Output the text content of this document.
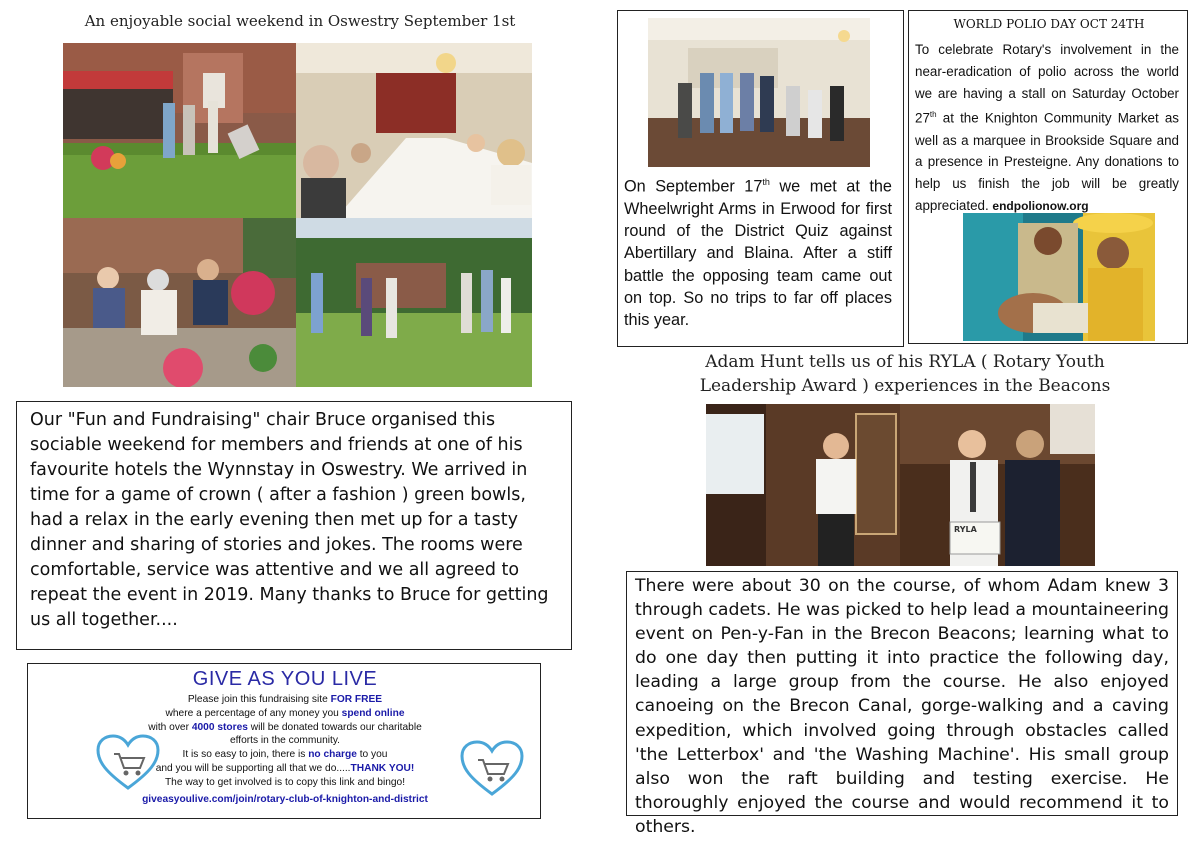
An enjoyable social weekend in Oswestry September 1st
Our "Fun and Fundraising" chair Bruce organised this sociable weekend for members and friends at one of his favourite hotels the Wynnstay in Oswestry. We arrived in time for a game of crown ( after a fashion ) green bowls, had a relax in the early evening then met up for a tasty dinner and sharing of stories and jokes. The rooms were comfortable, service was attentive and we all agreed to repeat the event in 2019. Many thanks to Bruce for getting us all together....
GIVE AS YOU LIVE
Please join this fundraising site FOR FREE
where a percentage of any money you spend online
with over 4000 stores will be donated towards our charitable
efforts in the community.
It is so easy to join, there is no charge to you
and you will be supporting all that we do.....THANK YOU!
The way to get involved is to copy this link and bingo!
giveasyoulive.com/join/rotary-club-of-knighton-and-district
On September 17th we met at the Wheelwright Arms in Erwood for first round of the District Quiz against Abertillary and Blaina. After a stiff battle the opposing team came out on top. So no trips to far off places this year.
WORLD POLIO DAY OCT 24TH
To celebrate Rotary's involvement in the near-eradication of polio across the world we are having a stall on Saturday October 27th at the Knighton Community Market as well as a marquee in Brookside Square and a presence in Presteigne. Any donations to help us finish the job will be greatly appreciated. endpolionow.org
Adam Hunt tells us of his RYLA ( Rotary Youth
Leadership Award ) experiences in the Beacons
RYLA
There were about 30 on the course, of whom Adam knew 3 through cadets. He was picked to help lead a mountaineering event on Pen-y-Fan in the Brecon Beacons; learning what to do one day then putting it into practice the following day, leading a large group from the course. He also enjoyed canoeing on the Brecon Canal, gorge-walking and a caving expedition, which involved going through obstacles called 'the Letterbox' and 'the Washing Machine'. His small group also won the raft building and testing exercise. He thoroughly enjoyed the course and would recommend it to others.
